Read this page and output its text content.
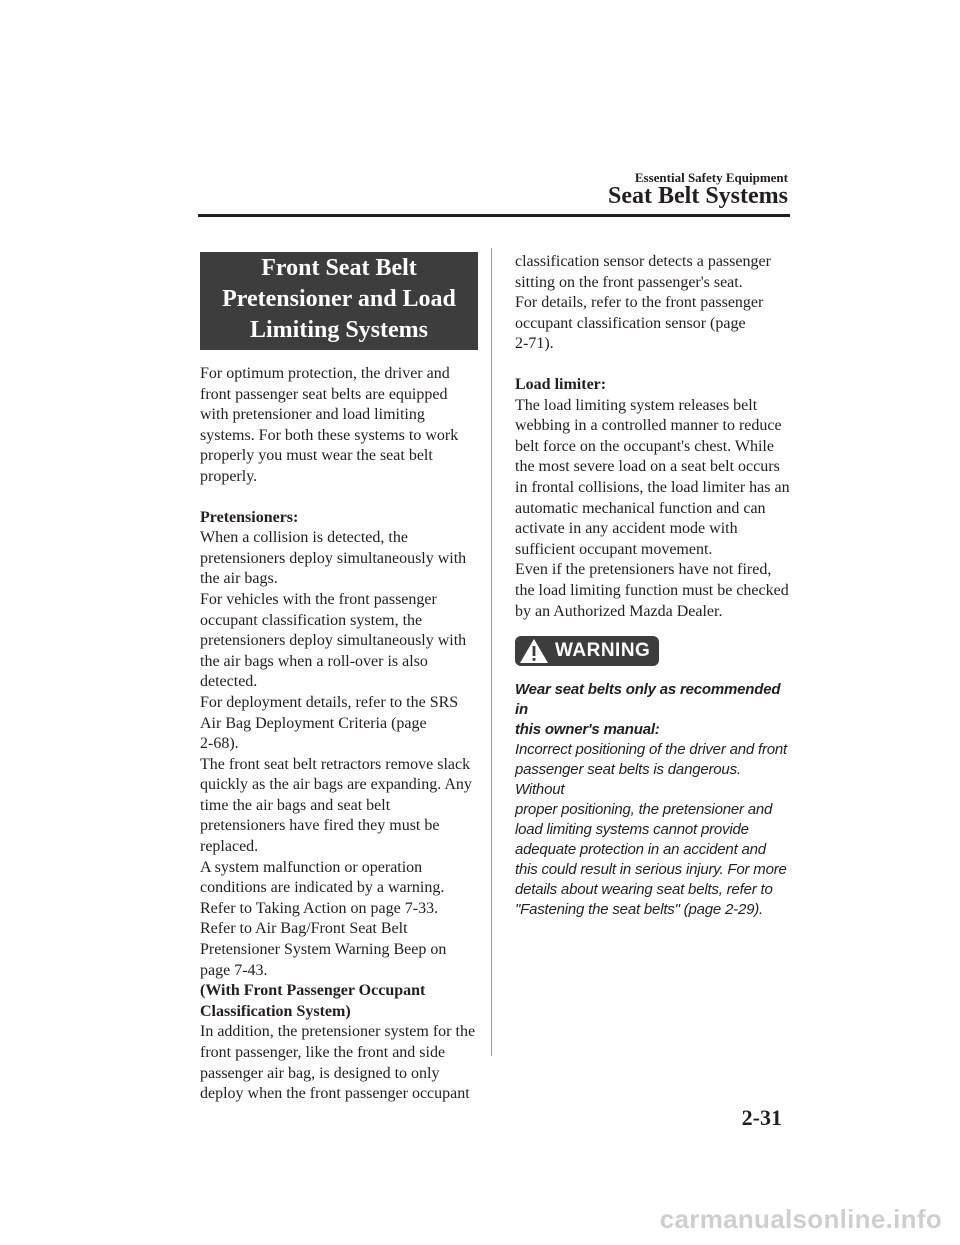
Essential Safety Equipment
Seat Belt Systems
Front Seat Belt
Pretensioner and Load
Limiting Systems
For optimum protection, the driver and
front passenger seat belts are equipped
with pretensioner and load limiting
systems. For both these systems to work
properly you must wear the seat belt
properly.
Pretensioners:
When a collision is detected, the
pretensioners deploy simultaneously with
the air bags.
For vehicles with the front passenger
occupant classification system, the
pretensioners deploy simultaneously with
the air bags when a roll-over is also
detected.
For deployment details, refer to the SRS
Air Bag Deployment Criteria (page
2-68).
The front seat belt retractors remove slack
quickly as the air bags are expanding. Any
time the air bags and seat belt
pretensioners have fired they must be
replaced.
A system malfunction or operation
conditions are indicated by a warning.
Refer to Taking Action on page 7-33.
Refer to Air Bag/Front Seat Belt
Pretensioner System Warning Beep on
page 7-43.
(With Front Passenger Occupant
Classification System)
In addition, the pretensioner system for the
front passenger, like the front and side
passenger air bag, is designed to only
deploy when the front passenger occupant
classification sensor detects a passenger
sitting on the front passenger's seat.
For details, refer to the front passenger
occupant classification sensor (page
2-71).
Load limiter:
The load limiting system releases belt
webbing in a controlled manner to reduce
belt force on the occupant's chest. While
the most severe load on a seat belt occurs
in frontal collisions, the load limiter has an
automatic mechanical function and can
activate in any accident mode with
sufficient occupant movement.
Even if the pretensioners have not fired,
the load limiting function must be checked
by an Authorized Mazda Dealer.
WARNING
Wear seat belts only as recommended in
this owner's manual:
Incorrect positioning of the driver and front
passenger seat belts is dangerous. Without
proper positioning, the pretensioner and
load limiting systems cannot provide
adequate protection in an accident and
this could result in serious injury. For more
details about wearing seat belts, refer to
"Fastening the seat belts" (page 2-29).
2-31
carmanualsonline.info
